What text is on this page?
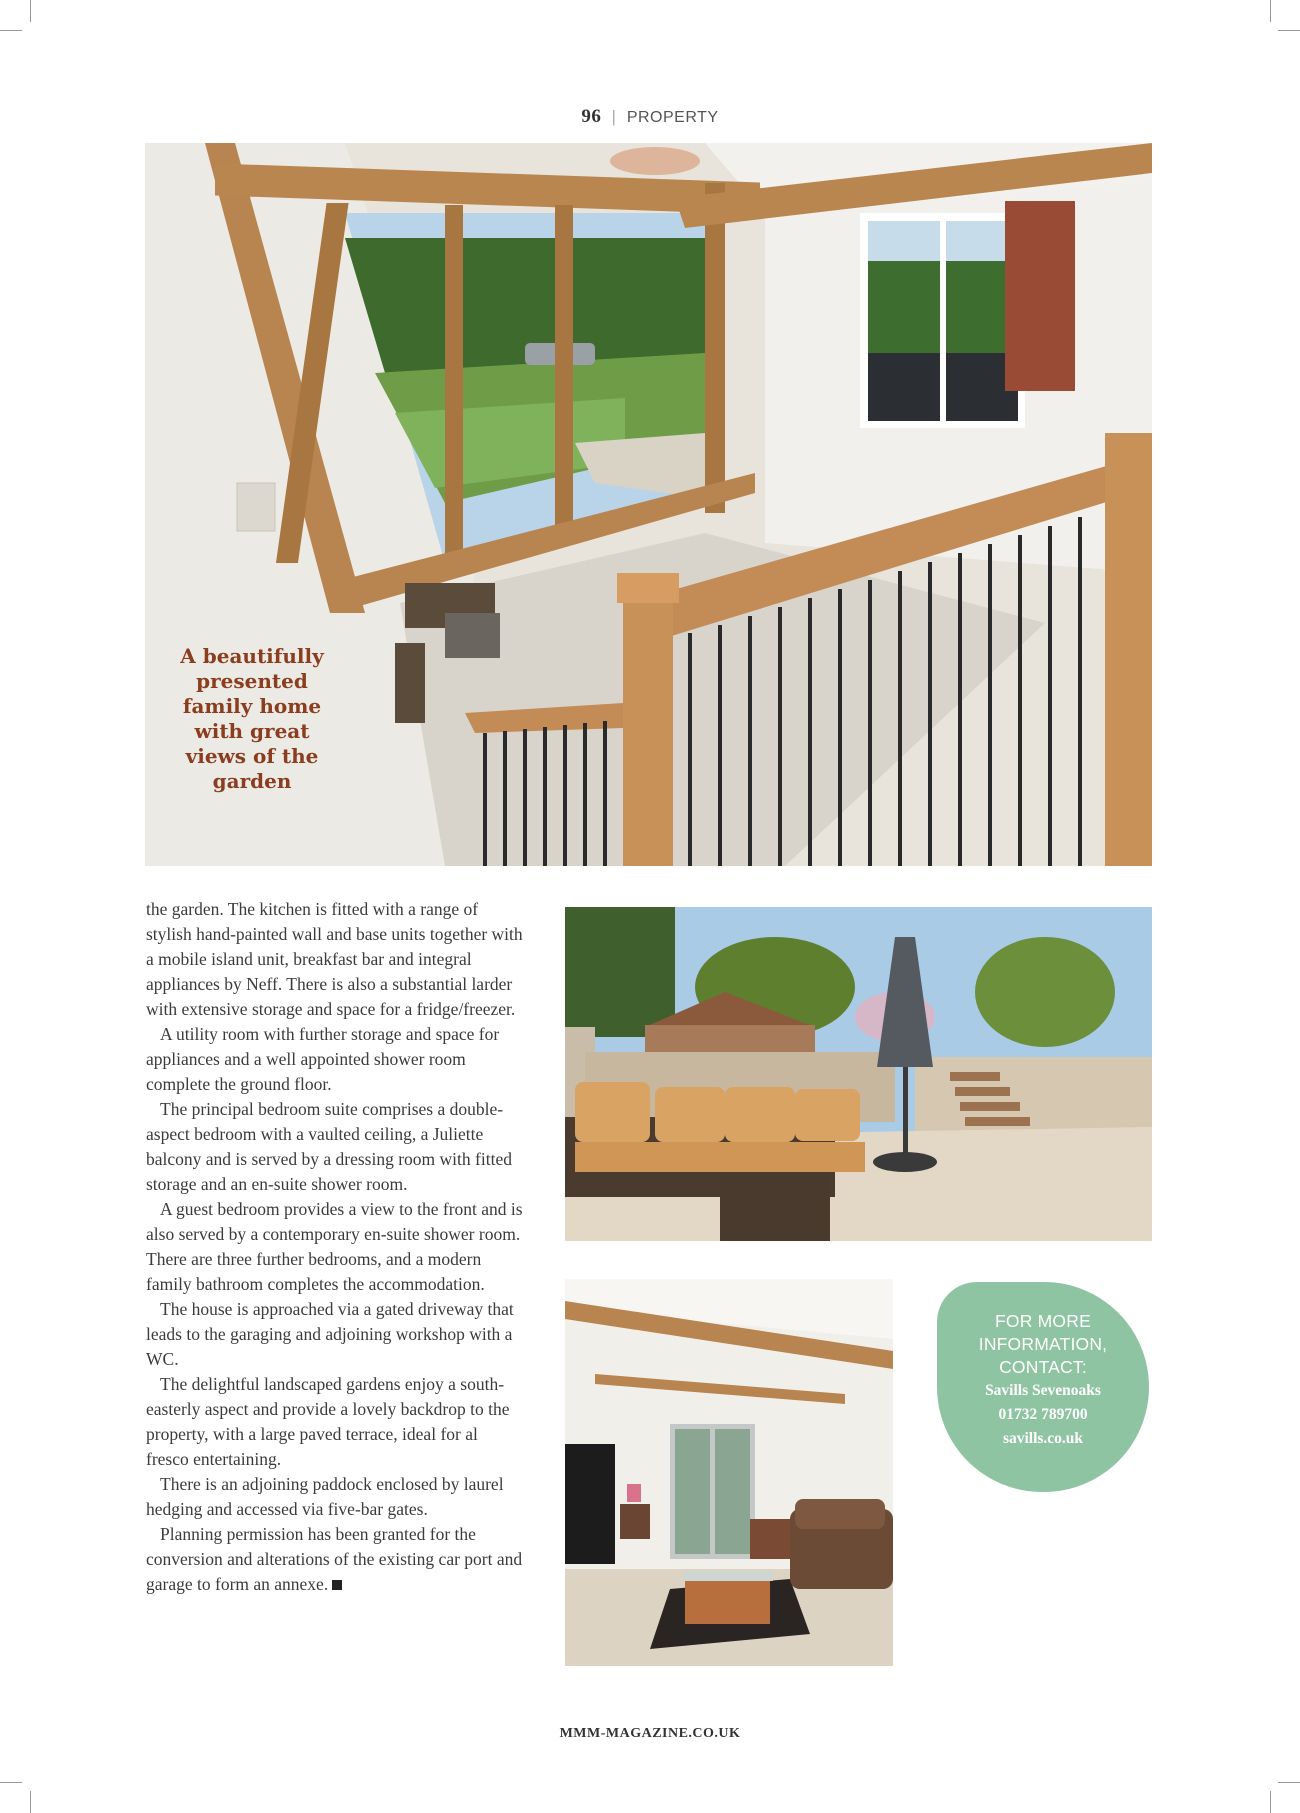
96 | PROPERTY
A beautifully
presented
family home
with great
views of the
garden

the garden. The kitchen is fitted with a range of stylish hand-painted wall and base units together with a mobile island unit, breakfast bar and integral appliances by Neff. There is also a substantial larder with extensive storage and space for a fridge/freezer.

A utility room with further storage and space for appliances and a well appointed shower room complete the ground floor.

The principal bedroom suite comprises a double-aspect bedroom with a vaulted ceiling, a Juliette balcony and is served by a dressing room with fitted storage and an en-suite shower room.

A guest bedroom provides a view to the front and is also served by a contemporary en-suite shower room. There are three further bedrooms, and a modern family bathroom completes the accommodation.

The house is approached via a gated driveway that leads to the garaging and adjoining workshop with a WC.

The delightful landscaped gardens enjoy a south-easterly aspect and provide a lovely backdrop to the property, with a large paved terrace, ideal for al fresco entertaining.

There is an adjoining paddock enclosed by laurel hedging and accessed via five-bar gates.

Planning permission has been granted for the conversion and alterations of the existing car port and garage to form an annexe.

FOR MORE
INFORMATION,
CONTACT:
Savills Sevenoaks
01732 789700
savills.co.uk
MMM-MAGAZINE.CO.UK
